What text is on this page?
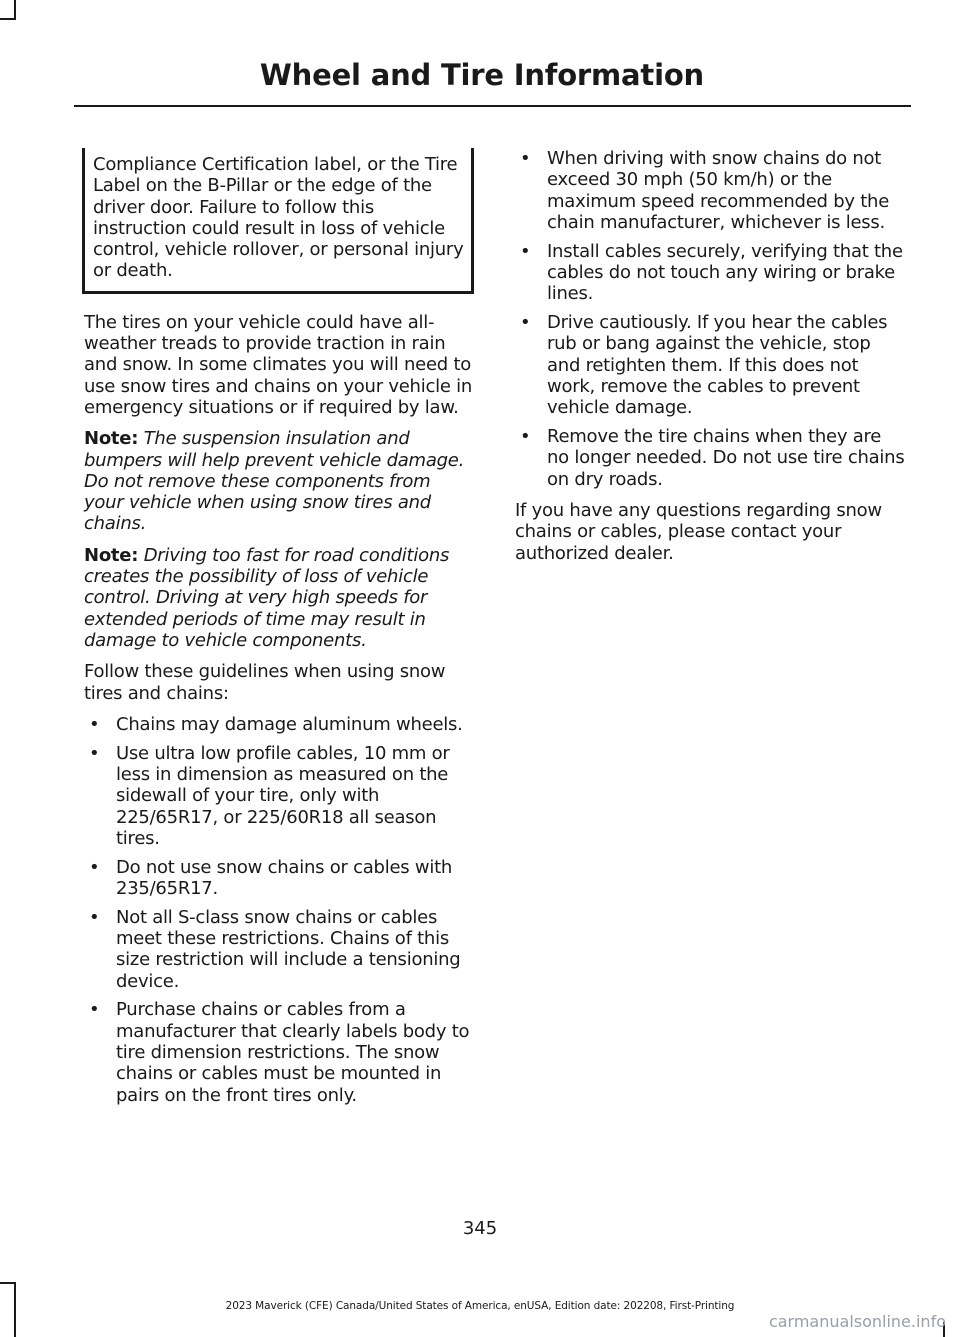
Wheel and Tire Information
Compliance Certification label, or the Tire Label on the B-Pillar or the edge of the driver door. Failure to follow this instruction could result in loss of vehicle control, vehicle rollover, or personal injury or death.

The tires on your vehicle could have all-weather treads to provide traction in rain and snow. In some climates you will need to use snow tires and chains on your vehicle in emergency situations or if required by law.

Note: The suspension insulation and bumpers will help prevent vehicle damage. Do not remove these components from your vehicle when using snow tires and chains.

Note: Driving too fast for road conditions creates the possibility of loss of vehicle control. Driving at very high speeds for extended periods of time may result in damage to vehicle components.

Follow these guidelines when using snow tires and chains:

• Chains may damage aluminum wheels.
• Use ultra low profile cables, 10 mm or less in dimension as measured on the sidewall of your tire, only with 225/65R17, or 225/60R18 all season tires.
• Do not use snow chains or cables with 235/65R17.
• Not all S-class snow chains or cables meet these restrictions. Chains of this size restriction will include a tensioning device.
• Purchase chains or cables from a manufacturer that clearly labels body to tire dimension restrictions. The snow chains or cables must be mounted in pairs on the front tires only.
• When driving with snow chains do not exceed 30 mph (50 km/h) or the maximum speed recommended by the chain manufacturer, whichever is less.
• Install cables securely, verifying that the cables do not touch any wiring or brake lines.
• Drive cautiously. If you hear the cables rub or bang against the vehicle, stop and retighten them. If this does not work, remove the cables to prevent vehicle damage.
• Remove the tire chains when they are no longer needed. Do not use tire chains on dry roads.

If you have any questions regarding snow chains or cables, please contact your authorized dealer.

345
2023 Maverick (CFE) Canada/United States of America, enUSA, Edition date: 202208, First-Printing
carmanualsonline.info
